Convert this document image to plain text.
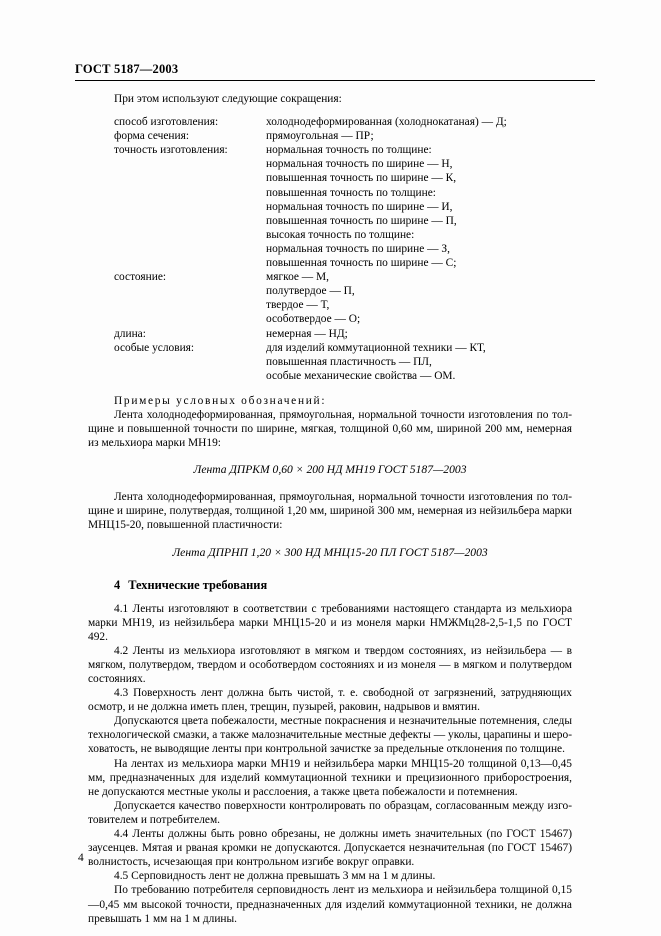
ГОСТ 5187—2003

При этом используют следующие сокращения:

способ изготовления:	холоднодеформированная (холоднокатаная) — Д;
форма сечения:	прямоугольная — ПР;
точность изготовления:	нормальная точность по толщине:
	нормальная точность по ширине — Н,
	повышенная точность по ширине — К,
	повышенная точность по толщине:
	нормальная точность по ширине — И,
	повышенная точность по ширине — П,
	высокая точность по толщине:
	нормальная точность по ширине — З,
	повышенная точность по ширине — С;
состояние:	мягкое — М,
	полутвердое — П,
	твердое — Т,
	особотвердое — О;
длина:	немерная — НД;
особые условия:	для изделий коммутационной техники — КТ,
	повышенная пластичность — ПЛ,
	особые механические свойства — ОМ.

Примеры условных обозначений:

Лента холоднодеформированная, прямоугольная, нормальной точности изготовления по толщине и повышенной точности по ширине, мягкая, толщиной 0,60 мм, шириной 200 мм, немерная из мельхиора марки МН19:

Лента ДПРКМ 0,60 × 200 НД МН19 ГОСТ 5187—2003

Лента холоднодеформированная, прямоугольная, нормальной точности изготовления по толщине и ширине, полутвердая, толщиной 1,20 мм, шириной 300 мм, немерная из нейзильбера марки МНЦ15-20, повышенной пластичности:

Лента ДПРНП 1,20 × 300 НД МНЦ15-20 ПЛ ГОСТ 5187—2003

4 Технические требования

4.1 Ленты изготовляют в соответствии с требованиями настоящего стандарта из мельхиора марки МН19, из нейзильбера марки МНЦ15-20 и из монеля марки НМЖМц28-2,5-1,5 по ГОСТ 492.

4.2 Ленты из мельхиора изготовляют в мягком и твердом состояниях, из нейзильбера — в мягком, полутвердом, твердом и особотвердом состояниях и из монеля — в мягком и полутвердом состояниях.

4.3 Поверхность лент должна быть чистой, т. е. свободной от загрязнений, затрудняющих осмотр, и не должна иметь плен, трещин, пузырей, раковин, надрывов и вмятин.

Допускаются цвета побежалости, местные покраснения и незначительные потемнения, следы технологической смазки, а также малозначительные местные дефекты — уколы, царапины и шероховатость, не выводящие ленты при контрольной зачистке за предельные отклонения по толщине.

На лентах из мельхиора марки МН19 и нейзильбера марки МНЦ15-20 толщиной 0,13—0,45 мм, предназначенных для изделий коммутационной техники и прецизионного приборостроения, не допускаются местные уколы и расслоения, а также цвета побежалости и потемнения.

Допускается качество поверхности контролировать по образцам, согласованным между изготовителем и потребителем.

4.4 Ленты должны быть ровно обрезаны, не должны иметь значительных (по ГОСТ 15467) заусенцев. Мятая и рваная кромки не допускаются. Допускается незначительная (по ГОСТ 15467) волнистость, исчезающая при контрольном изгибе вокруг оправки.

4.5 Серповидность лент не должна превышать 3 мм на 1 м длины.

По требованию потребителя серповидность лент из мельхиора и нейзильбера толщиной 0,15—0,45 мм высокой точности, предназначенных для изделий коммутационной техники, не должна превышать 1 мм на 1 м длины.

4
